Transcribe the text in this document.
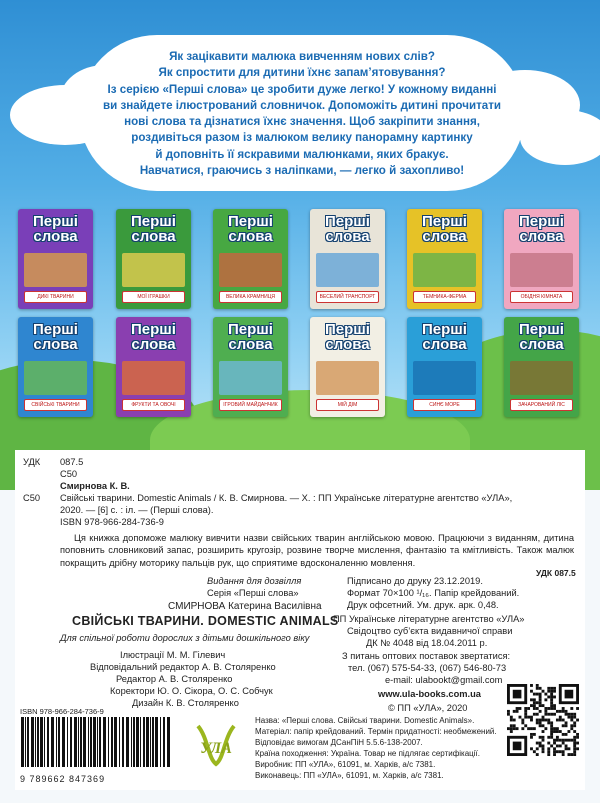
Як зацікавити малюка вивченням нових слів?
Як спростити для дитини їхнє запам’ятовування?
Із серією «Перші слова» це зробити дуже легко! У кожному виданні
ви знайдете ілюстрований словничок. Допоможіть дитині прочитати
нові слова та дізнатися їхнє значення. Щоб закріпити знання,
роздивіться разом із малюком велику панорамну картинку
й доповніть її яскравими малюнками, яких бракує.
Навчатися, граючись з наліпками, — легко й захопливо!

Перші
слова
ДИКІ ТВАРИНИ
Перші
слова
МОЇ ІГРАШКИ
Перші
слова
ВЕЛИКА КРАМНИЦЯ
Перші
слова
ВЕСЕЛИЙ ТРАНСПОРТ
Перші
слова
ТЕМНИКА-ФЕРМА
Перші
слова
ОБІДНЯ КІМНАТА
Перші
слова
СВІЙСЬКІ ТВАРИНИ
Перші
слова
ФРУКТИ ТА ОВОЧІ
Перші
слова
ІГРОВИЙ МАЙДАНЧИК
Перші
слова
МІЙ ДІМ
Перші
слова
СИНЄ МОРЕ
Перші
слова
ЗАЧАРОВАНИЙ ЛІС
УДК 087.5
С50
Смирнова К. В.
С50 Свійські тварини. Domestic Animals / К. В. Смирнова. — Х. : ПП Українське літературне агентство «УЛА»,
2020. — [6] с. : іл. — (Перші слова).
ISBN 978-966-284-736-9

Ця книжка допоможе малюку вивчити назви свійських тварин англійською мовою. Працюючи з виданням, дитина поповнить словниковий запас, розширить кругозір, розвине творче мислення, фантазію та кмітливість. Також малюк покращить дрібну моторику пальців рук, що сприятиме вдосконаленню мовлення.

УДК 087.5
Видання для дозвілля
Серія «Перші слова»
СМИРНОВА Катерина Василівна
СВІЙСЬКІ ТВАРИНИ. DOMESTIC ANIMALS
Для спільної роботи дорослих з дітьми дошкільного віку
Ілюстрації М. М. Гілевич
Відповідальний редактор А. В. Столяренко
Редактор А. В. Столяренко
Коректори Ю. О. Сікора, О. С. Собчук
Дизайн К. В. Столяренко
Підписано до друку 23.12.2019.
Формат 70×100 ¹/₁₆. Папір крейдований.
Друк офсетний. Ум. друк. арк. 0,48.
ПП Українське літературне агентство «УЛА»
Свідоцтво суб’єкта видавничої справи
ДК № 4048 від 18.04.2011 р.
З питань оптових поставок звертатися:
тел. (067) 575-54-33, (067) 546-80-73
e-mail: ulabookt@gmail.com
www.ula-books.com.ua
© ПП «УЛА», 2020
Назва: «Перші слова. Свійські тварини. Domestic Animals».
Матеріал: папір крейдований. Термін придатності: необмежений.
Відповідає вимогам ДСанПіН 5.5.6-138-2007.
Країна походження: Україна. Товар не підлягає сертифікації.
Виробник: ПП «УЛА», 61091, м. Харків, а/с 7381.
Виконавець: ПП «УЛА», 61091, м. Харків, а/с 7381.
ISBN 978-966-284-736-9
9 789662 847369
УЛА
